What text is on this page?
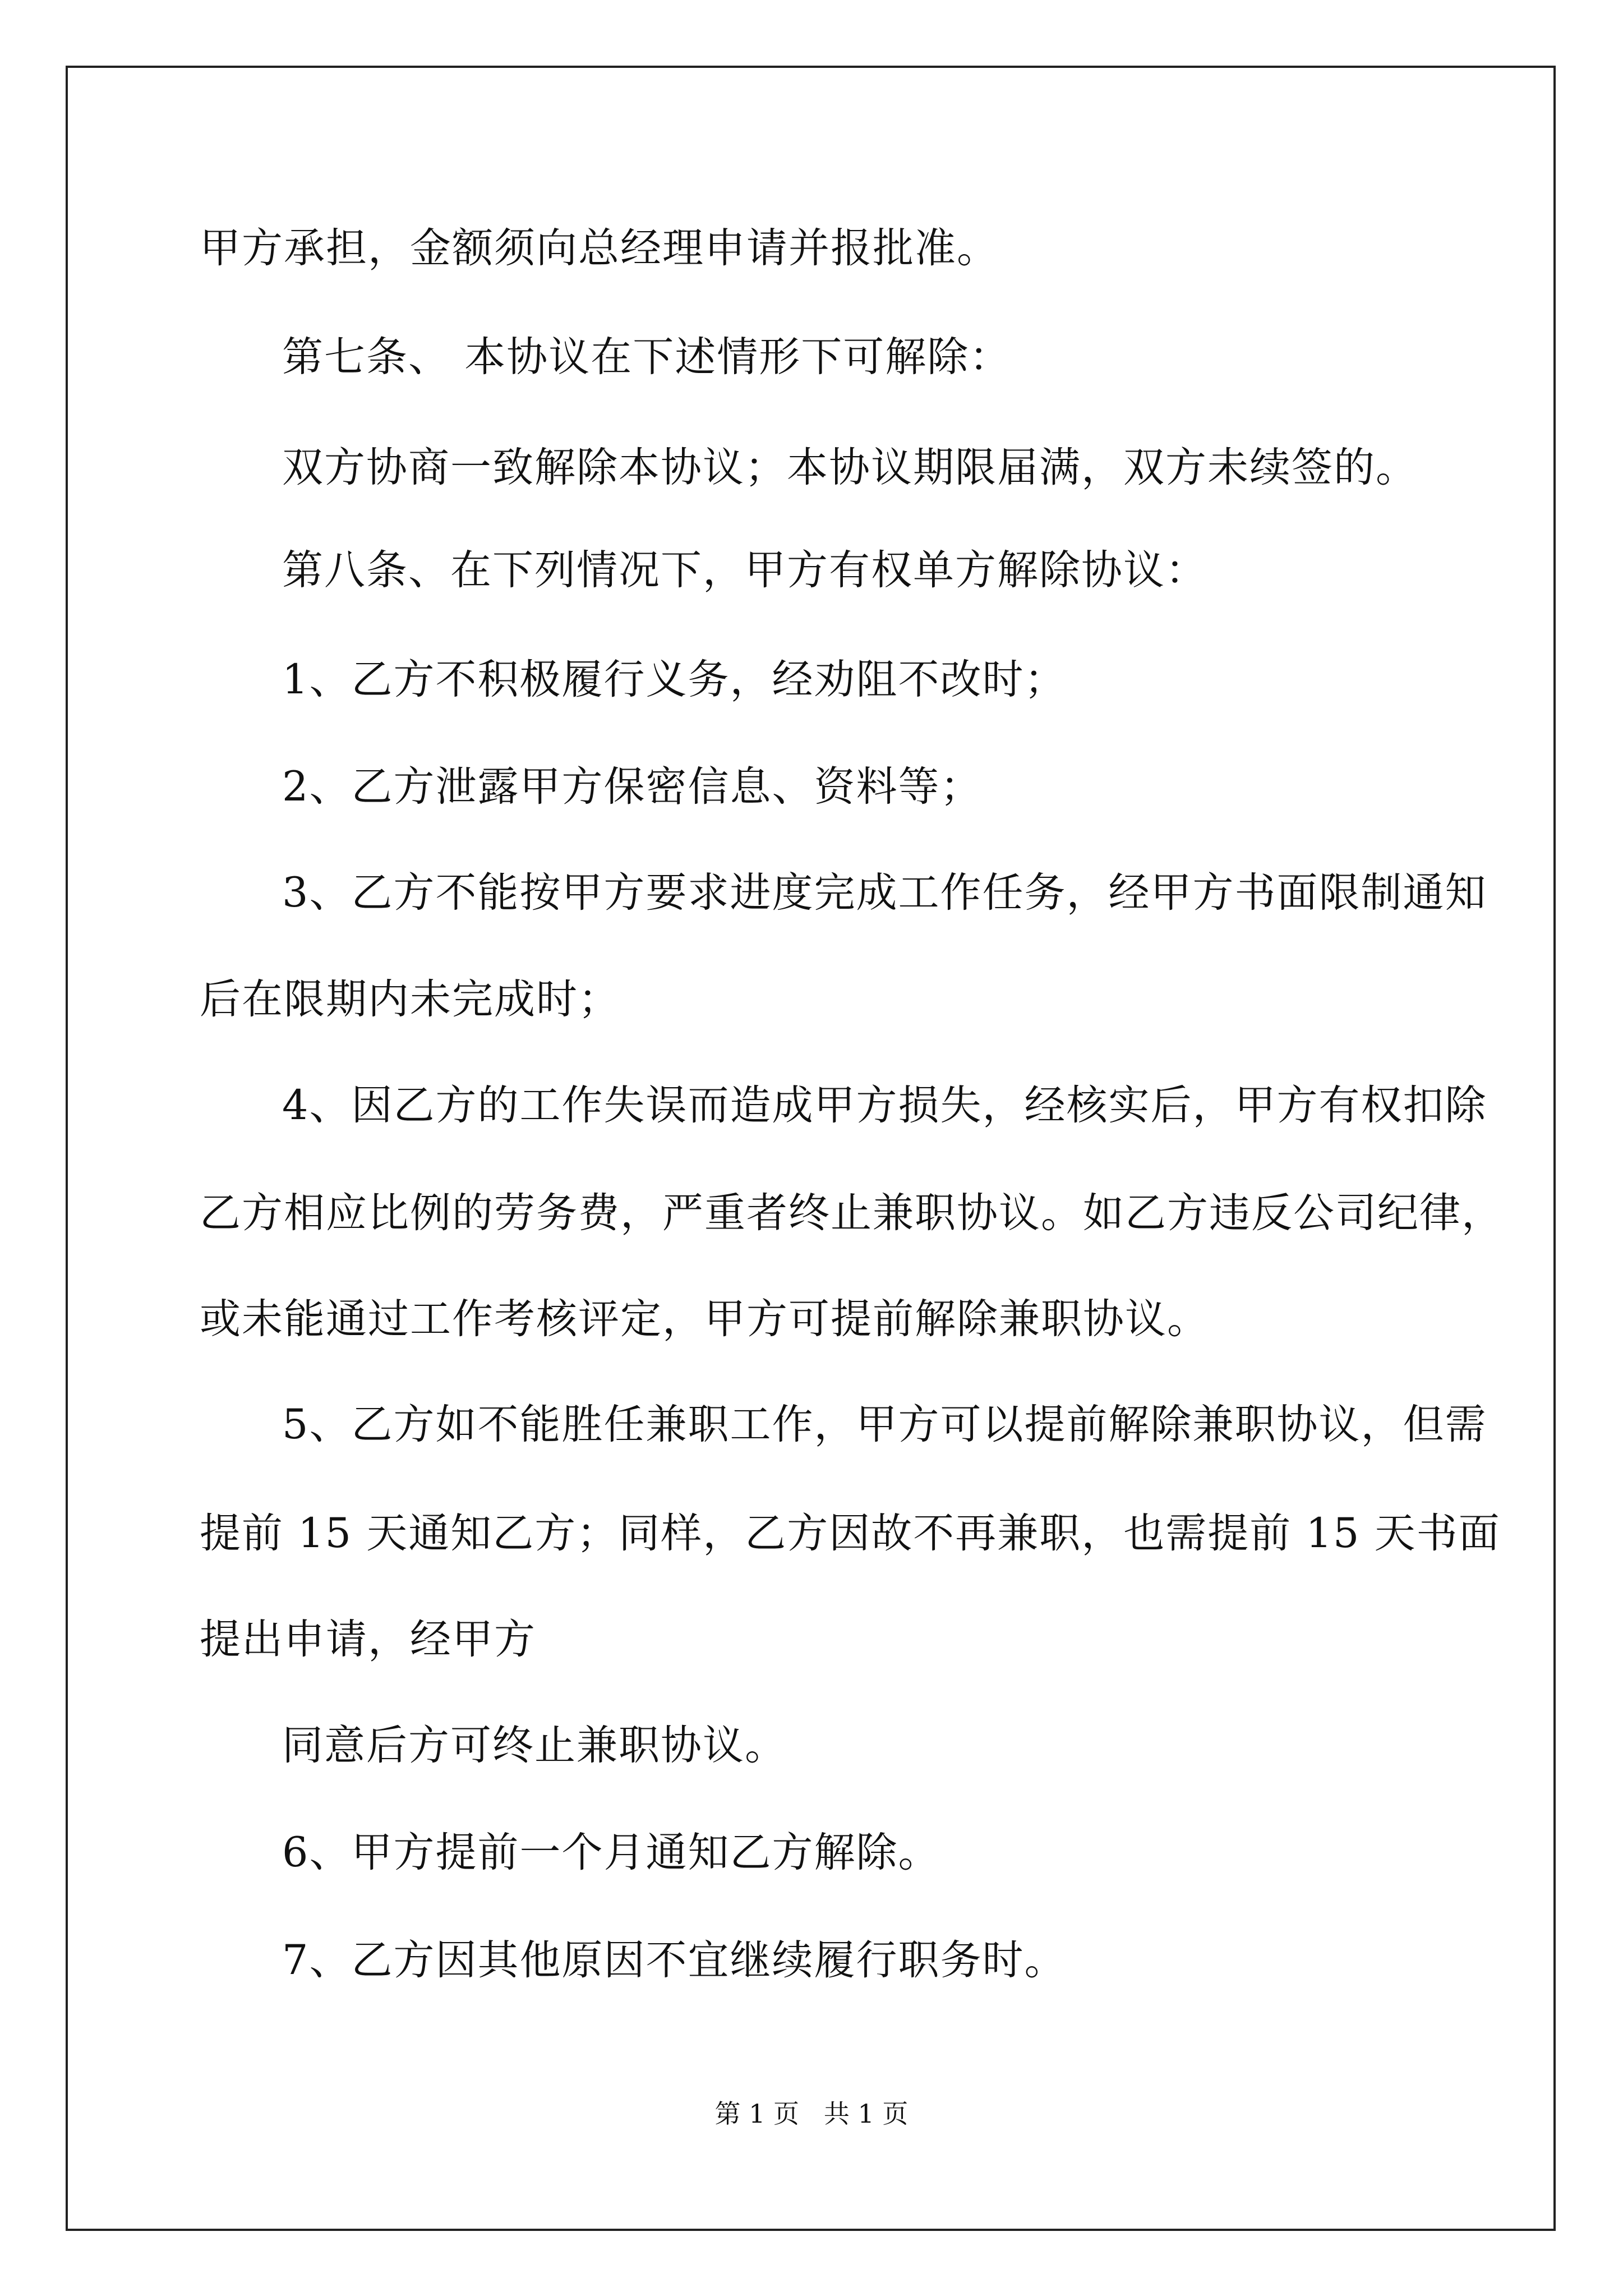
甲方承担，金额须向总经理申请并报批准。
第七条、 本协议在下述情形下可解除：
双方协商一致解除本协议；本协议期限届满，双方未续签的。
第八条、在下列情况下，甲方有权单方解除协议：
1、乙方不积极履行义务，经劝阻不改时；
2、乙方泄露甲方保密信息、资料等；
3、乙方不能按甲方要求进度完成工作任务，经甲方书面限制通知
后在限期内未完成时；
4、因乙方的工作失误而造成甲方损失，经核实后，甲方有权扣除
乙方相应比例的劳务费，严重者终止兼职协议。如乙方违反公司纪律，
或未能通过工作考核评定，甲方可提前解除兼职协议。
5、乙方如不能胜任兼职工作，甲方可以提前解除兼职协议，但需
提前 15 天通知乙方；同样，乙方因故不再兼职，也需提前 15 天书面
提出申请，经甲方
同意后方可终止兼职协议。
6、甲方提前一个月通知乙方解除。
7、乙方因其他原因不宜继续履行职务时。
第 1 页   共 1 页
